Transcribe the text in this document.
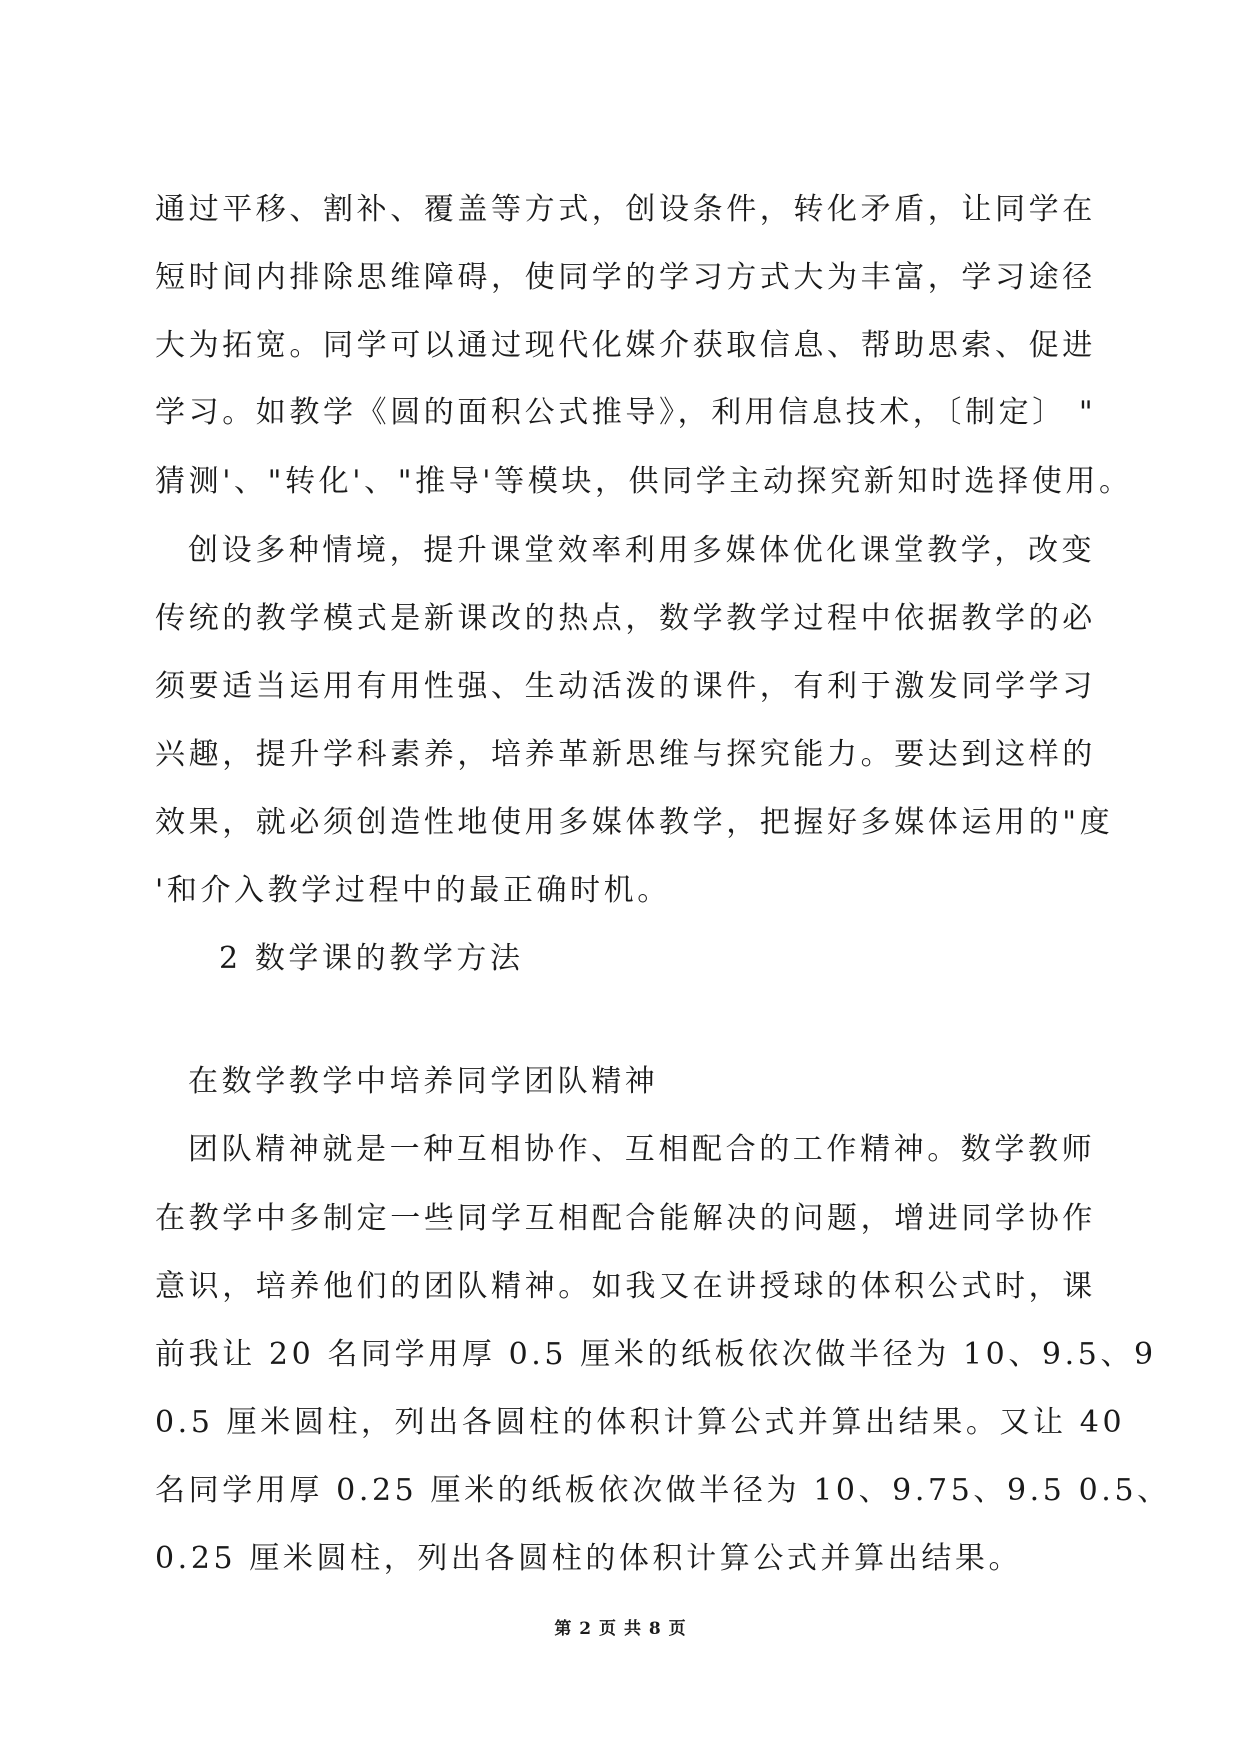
通过平移、割补、覆盖等方式，创设条件，转化矛盾，让同学在
短时间内排除思维障碍，使同学的学习方式大为丰富，学习途径
大为拓宽。同学可以通过现代化媒介获取信息、帮助思索、促进
学习。如教学《圆的面积公式推导》，利用信息技术，〔制定〕 "
猜测'、"转化'、"推导'等模块，供同学主动探究新知时选择使用。
创设多种情境，提升课堂效率利用多媒体优化课堂教学，改变
传统的教学模式是新课改的热点，数学教学过程中依据教学的必
须要适当运用有用性强、生动活泼的课件，有利于激发同学学习
兴趣，提升学科素养，培养革新思维与探究能力。要达到这样的
效果，就必须创造性地使用多媒体教学，把握好多媒体运用的"度
'和介入教学过程中的最正确时机。
2 数学课的教学方法
在数学教学中培养同学团队精神
团队精神就是一种互相协作、互相配合的工作精神。数学教师
在教学中多制定一些同学互相配合能解决的问题，增进同学协作
意识，培养他们的团队精神。如我又在讲授球的体积公式时，课
前我让 20 名同学用厚 0.5 厘米的纸板依次做半径为 10、9.5、9
0.5 厘米圆柱，列出各圆柱的体积计算公式并算出结果。又让 40
名同学用厚 0.25 厘米的纸板依次做半径为 10、9.75、9.5 0.5、
0.25 厘米圆柱，列出各圆柱的体积计算公式并算出结果。
第 2 页 共 8 页
